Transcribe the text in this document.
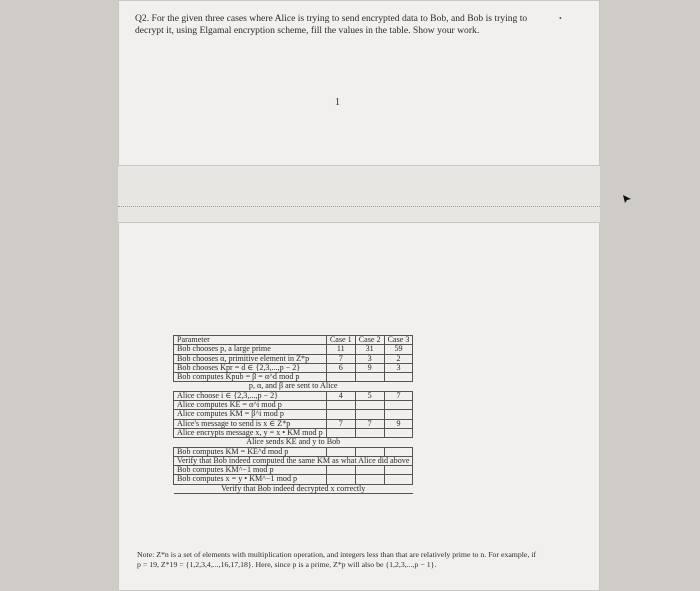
Q2. For the given three cases where Alice is trying to send encrypted data to Bob, and Bob is trying to decrypt it, using Elgamal encryption scheme, fill the values in the table. Show your work.
1
•
Parameter	Case 1	Case 2	Case 3
Bob chooses p, a large prime	11	31	59
Bob chooses α, primitive element in Z*p	7	3	2
Bob chooses Kpr = d ∈ {2,3,...,p − 2}	6	9	3
Bob computes Kpub = β = α^d mod p			
p, α, and β are sent to Alice			
Alice choose i ∈ {2,3,...,p − 2}	4	5	7
Alice computes KE = α^i mod p			
Alice computes KM = β^i mod p			
Alice's message to send is x ∈ Z*p	7	7	9
Alice encrypts message x, y = x • KM mod p			
Alice sends KE and y to Bob			
Bob computes KM = KE^d mod p			
Verify that Bob indeed computed the same KM as what Alice did above			
Bob computes KM^−1 mod p			
Bob computes x = y • KM^−1 mod p			
Verify that Bob indeed decrypted x correctly			
Note: Z*n is a set of elements with multiplication operation, and integers less than that are relatively prime to n. For example, if p = 19, Z*19 = {1,2,3,4,...,16,17,18}. Here, since p is a prime, Z*p will also be {1,2,3,...,p − 1}.
